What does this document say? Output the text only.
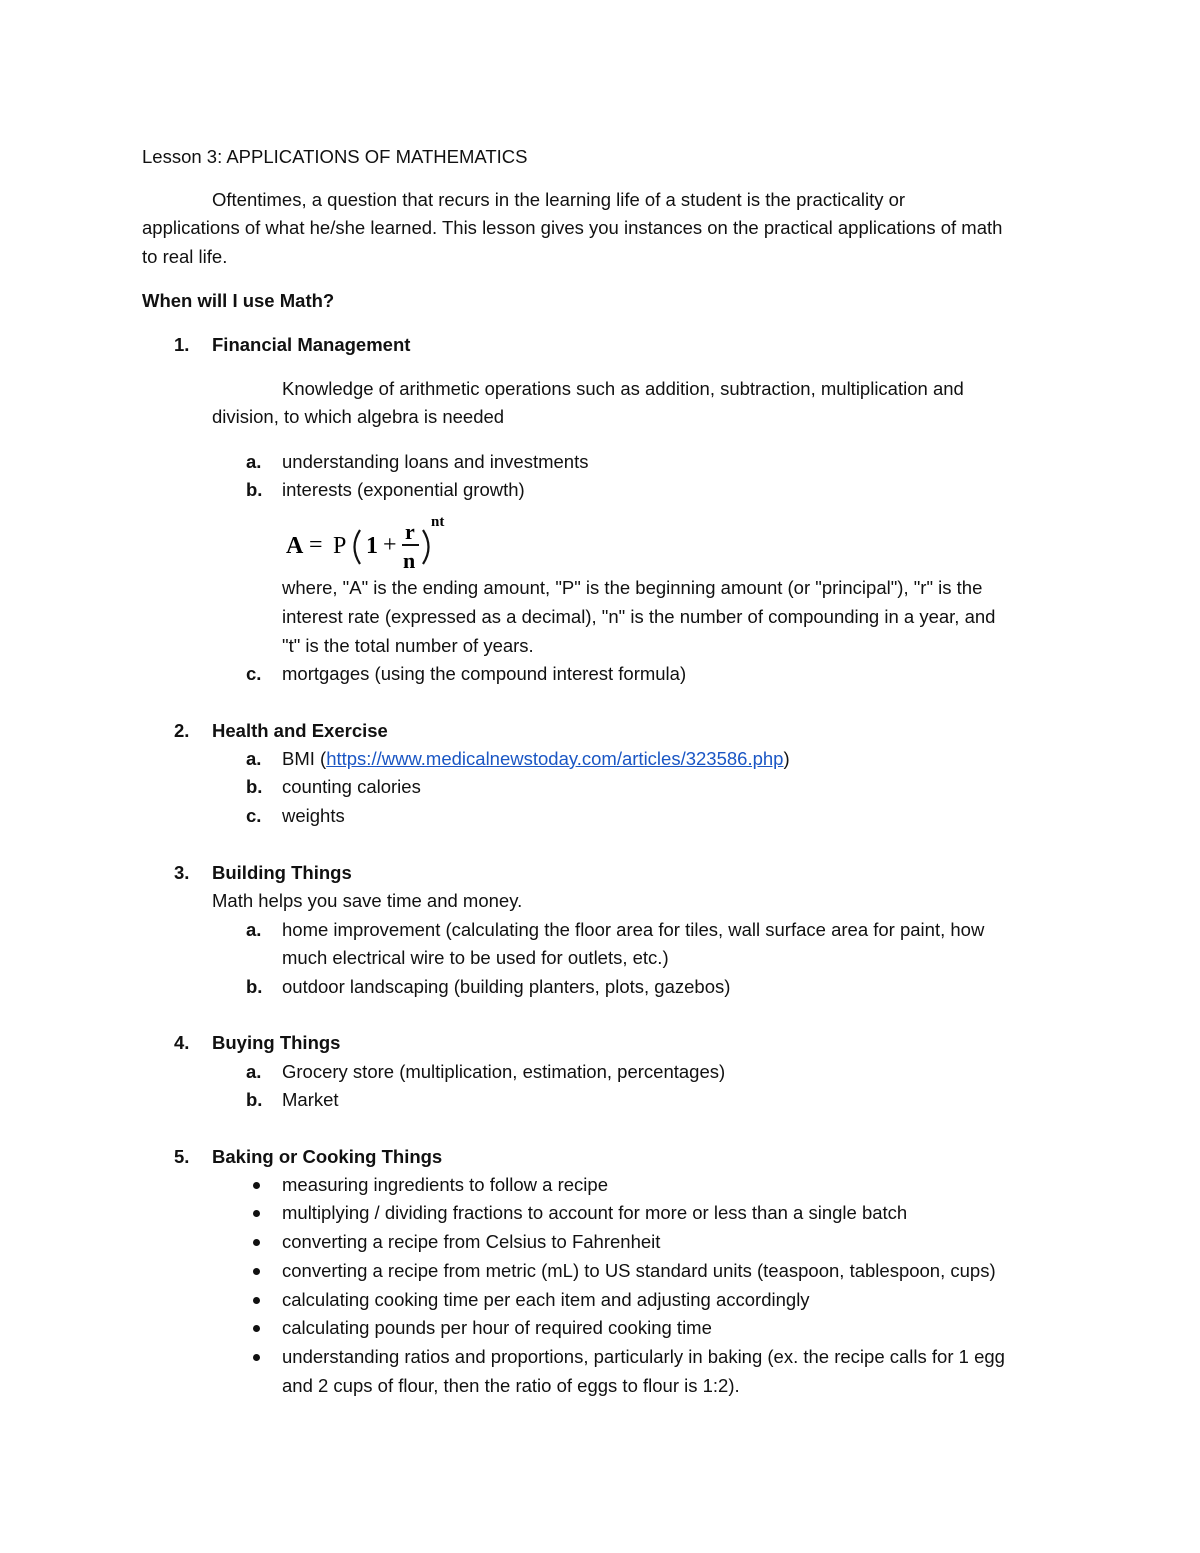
Lesson 3: APPLICATIONS OF MATHEMATICS
Oftentimes, a question that recurs in the learning life of a student is the practicality or
applications of what he/she learned. This lesson gives you instances on the practical applications of math
to real life.
When will I use Math?
1. Financial Management
Knowledge of arithmetic operations such as addition, subtraction, multiplication and
division, to which algebra is needed
a. understanding loans and investments
b. interests (exponential growth)
A = P 1 +
r
n
nt
where, "A" is the ending amount, "P" is the beginning amount (or "principal"), "r" is the
interest rate (expressed as a decimal), "n" is the number of compounding in a year, and
"t" is the total number of years.
c. mortgages (using the compound interest formula)
2. Health and Exercise
a. BMI (https://www.medicalnewstoday.com/articles/323586.php)
b. counting calories
c. weights
3. Building Things
Math helps you save time and money.
a. home improvement (calculating the floor area for tiles, wall surface area for paint, how
much electrical wire to be used for outlets, etc.)
b. outdoor landscaping (building planters, plots, gazebos)
4. Buying Things
a. Grocery store (multiplication, estimation, percentages)
b. Market
5. Baking or Cooking Things
measuring ingredients to follow a recipe
multiplying / dividing fractions to account for more or less than a single batch
converting a recipe from Celsius to Fahrenheit
converting a recipe from metric (mL) to US standard units (teaspoon, tablespoon, cups)
calculating cooking time per each item and adjusting accordingly
calculating pounds per hour of required cooking time
understanding ratios and proportions, particularly in baking (ex. the recipe calls for 1 egg
and 2 cups of flour, then the ratio of eggs to flour is 1:2).
